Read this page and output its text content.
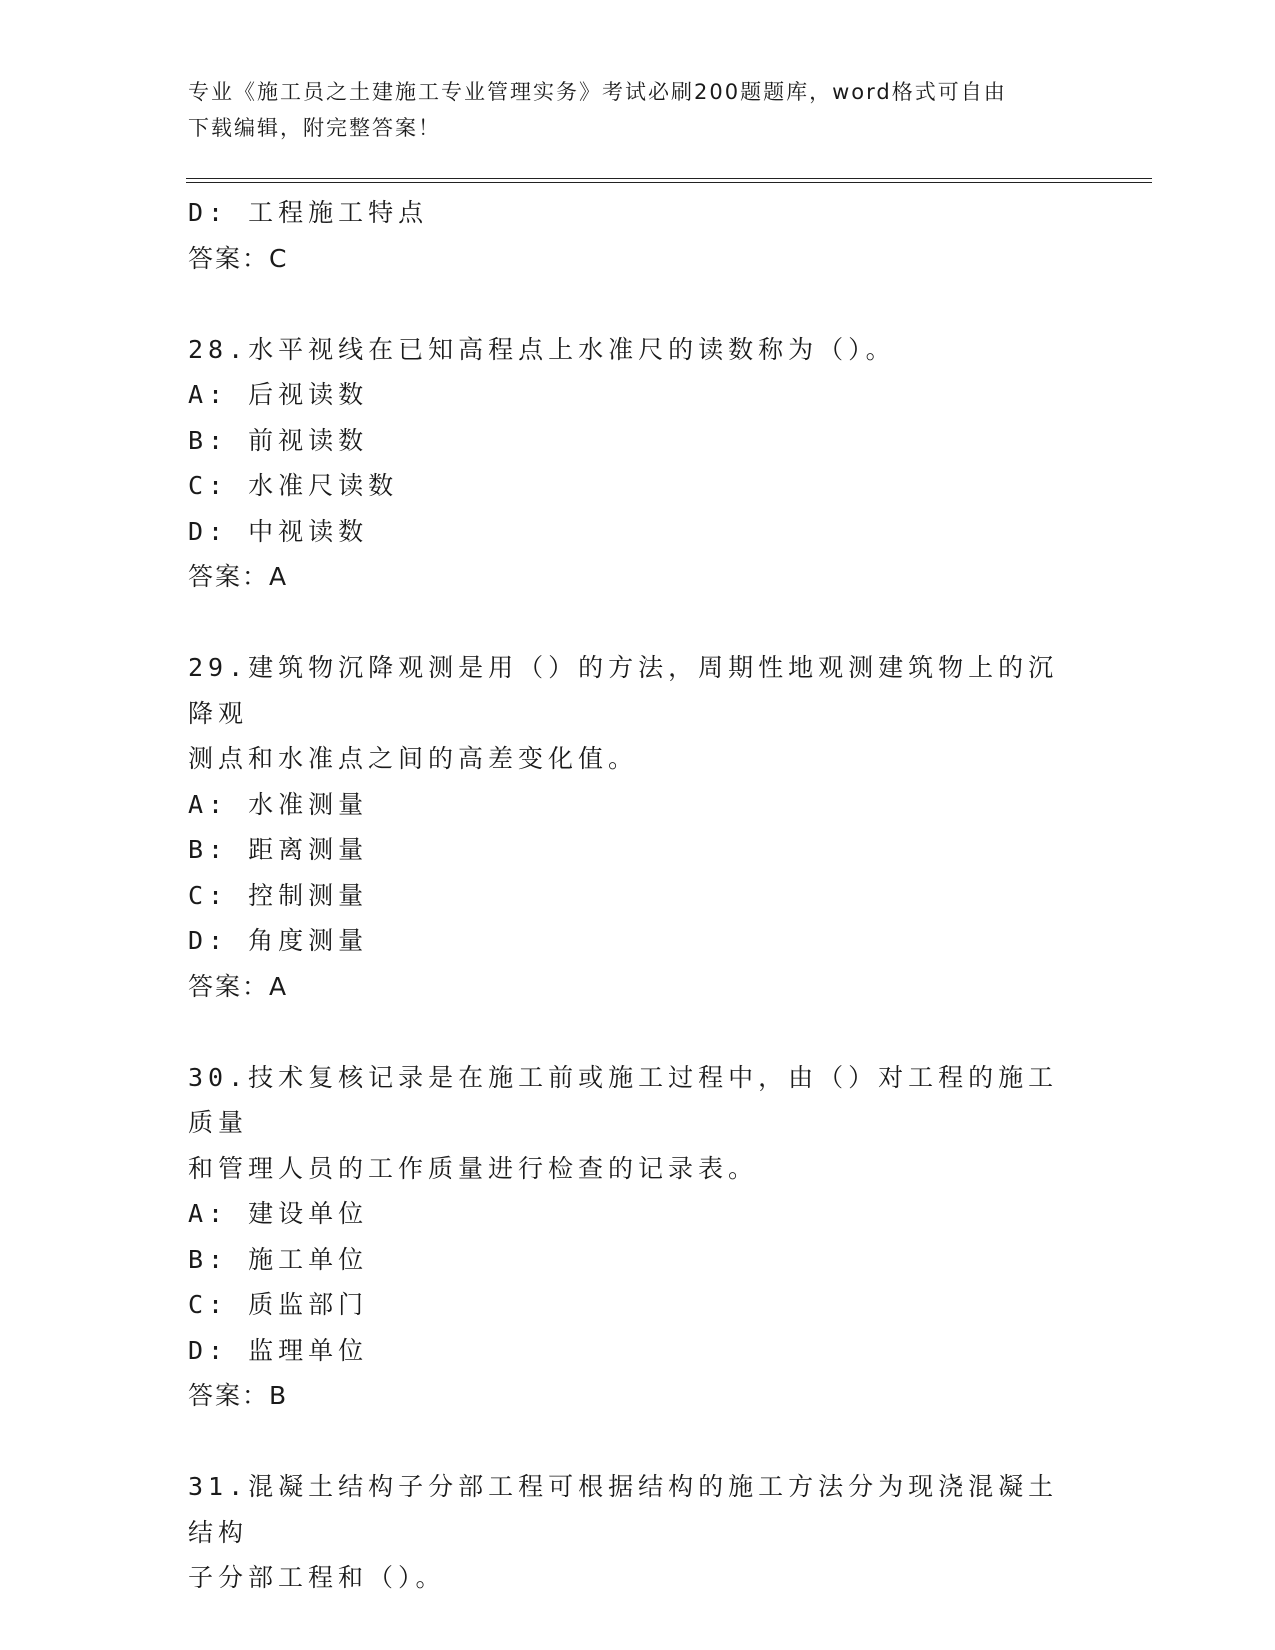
专业《施工员之土建施工专业管理实务》考试必刷200题题库，word格式可自由
下载编辑，附完整答案！
D: 工程施工特点
答案：C
28.水平视线在已知高程点上水准尺的读数称为（）。
A: 后视读数
B: 前视读数
C: 水准尺读数
D: 中视读数
答案：A
29.建筑物沉降观测是用（）的方法，周期性地观测建筑物上的沉降观
测点和水准点之间的高差变化值。
A: 水准测量
B: 距离测量
C: 控制测量
D: 角度测量
答案：A
30.技术复核记录是在施工前或施工过程中，由（）对工程的施工质量
和管理人员的工作质量进行检查的记录表。
A: 建设单位
B: 施工单位
C: 质监部门
D: 监理单位
答案：B
31.混凝土结构子分部工程可根据结构的施工方法分为现浇混凝土结构
子分部工程和（）。
